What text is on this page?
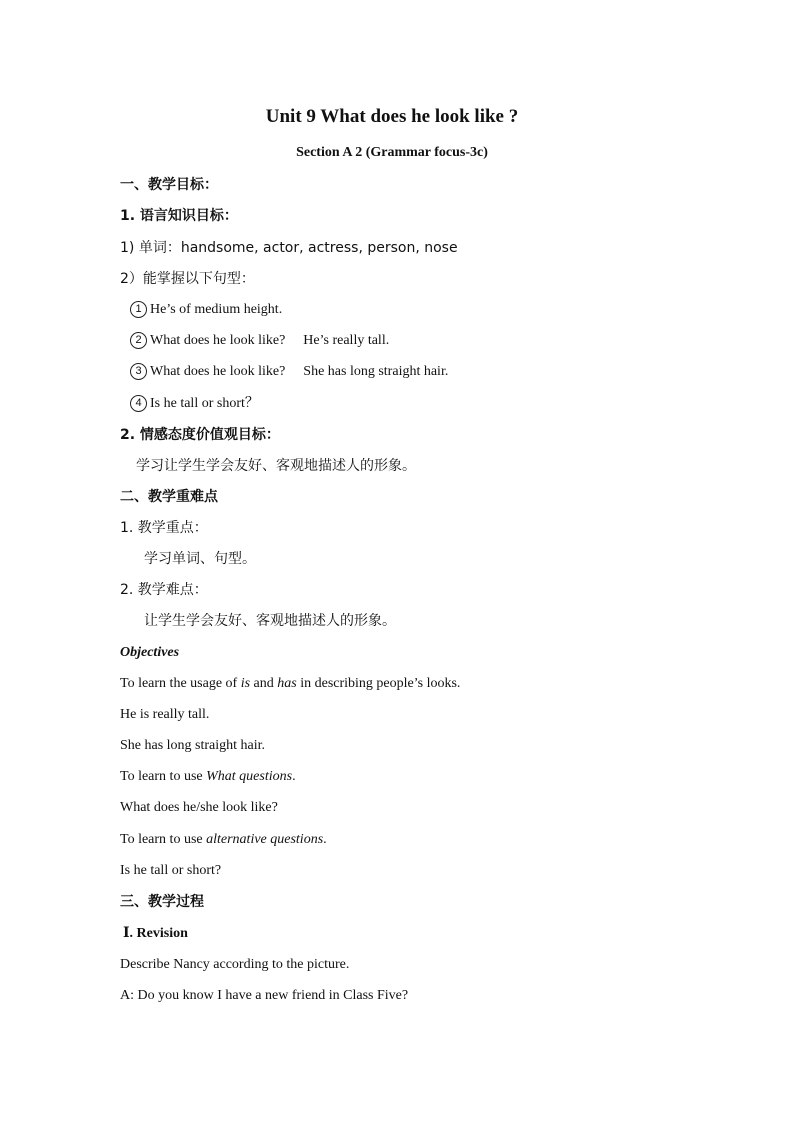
Unit 9 What does he look like ?
Section A 2 (Grammar focus-3c)
一、教学目标：
1. 语言知识目标：
1) 单词：handsome, actor, actress, person, nose
2）能掌握以下句型：
1 He’s of medium height.
2 What does he look like? He’s really tall.
3 What does he look like? She has long straight hair.
4 Is he tall or short？
2. 情感态度价值观目标：
学习让学生学会友好、客观地描述人的形象。
二、教学重难点
1. 教学重点：
学习单词、句型。
2. 教学难点：
让学生学会友好、客观地描述人的形象。
Objectives
To learn the usage of is and has in describing people’s looks.
He is really tall.
She has long straight hair.
To learn to use What questions.
What does he/she look like?
To learn to use alternative questions.
Is he tall or short?
三、教学过程
Ⅰ. Revision
Describe Nancy according to the picture.
A: Do you know I have a new friend in Class Five?
